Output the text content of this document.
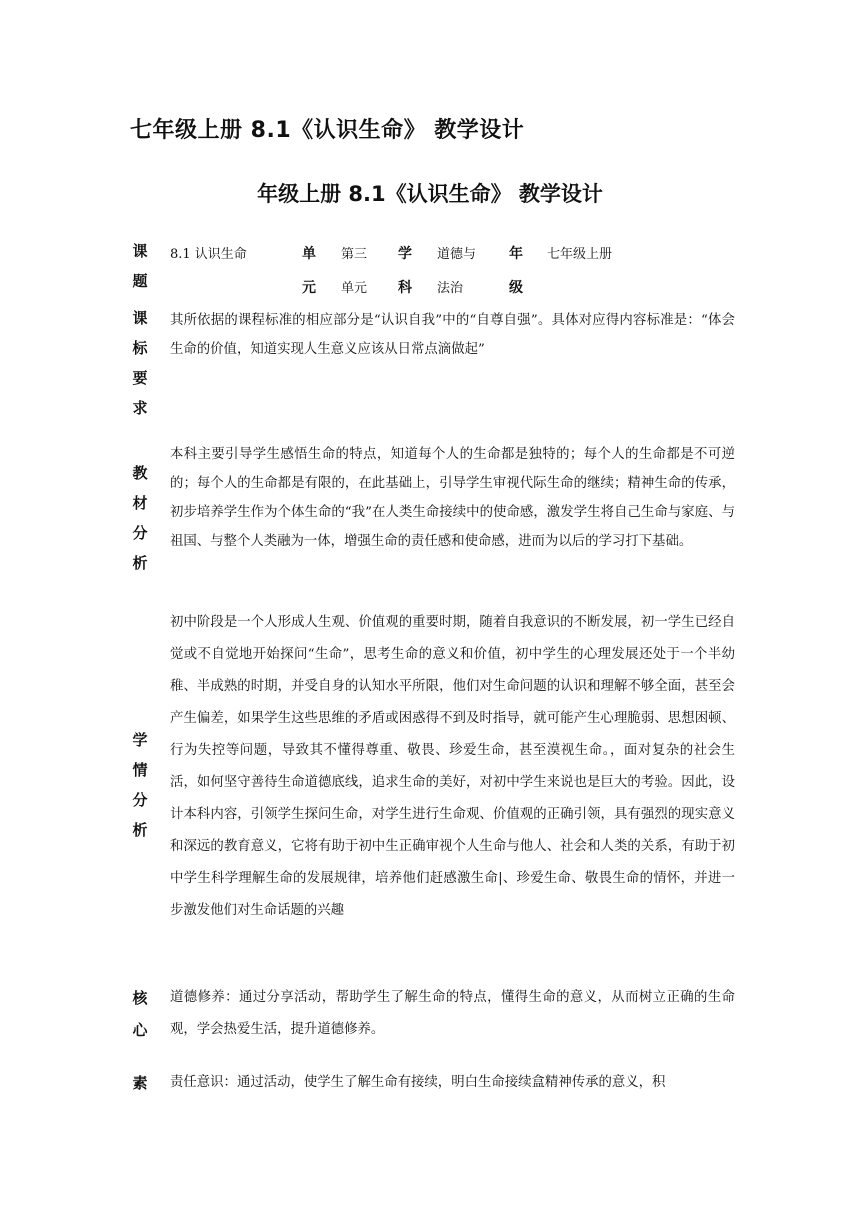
七年级上册 8.1《认识生命》 教学设计
年级上册 8.1《认识生命》 教学设计
课
题
8.1 认识生命	单
元
第三
单元
学
科
道德与
法治
年
级
七年级上册
课
标
要
求
其所依据的课程标准的相应部分是“认识自我”中的“自尊自强”。具体对应得内容标准是：“体会生命的价值，知道实现人生意义应该从日常点滴做起”
教
材
分
析
本科主要引导学生感悟生命的特点，知道每个人的生命都是独特的；每个人的生命都是不可逆的；每个人的生命都是有限的，在此基础上，引导学生审视代际生命的继续；精神生命的传承，初步培养学生作为个体生命的“我”在人类生命接续中的使命感，激发学生将自己生命与家庭、与祖国、与整个人类融为一体，增强生命的责任感和使命感，进而为以后的学习打下基础。
学
情
分
析
初中阶段是一个人形成人生观、价值观的重要时期，随着自我意识的不断发展，初一学生已经自觉或不自觉地开始探问“生命”，思考生命的意义和价值，初中学生的心理发展还处于一个半幼稚、半成熟的时期，并受自身的认知水平所限，他们对生命问题的认识和理解不够全面，甚至会产生偏差，如果学生这些思维的矛盾或困惑得不到及时指导，就可能产生心理脆弱、思想困顿、行为失控等问题，导致其不懂得尊重、敬畏、珍爱生命，甚至漠视生命。，面对复杂的社会生活，如何坚守善待生命道德底线，追求生命的美好，对初中学生来说也是巨大的考验。因此，设计本科内容，引领学生探问生命，对学生进行生命观、价值观的正确引领，具有强烈的现实意义和深远的教育意义，它将有助于初中生正确审视个人生命与他人、社会和人类的关系，有助于初中学生科学理解生命的发展规律，培养他们赶感激生命|、珍爱生命、敬畏生命的情怀，并进一步激发他们对生命话题的兴趣
核
心
道德修养：通过分享活动，帮助学生了解生命的特点，懂得生命的意义，从而树立正确的生命观，学会热爱生活，提升道德修养。
素	责任意识：通过活动，使学生了解生命有接续，明白生命接续盒精神传承的意义，积
